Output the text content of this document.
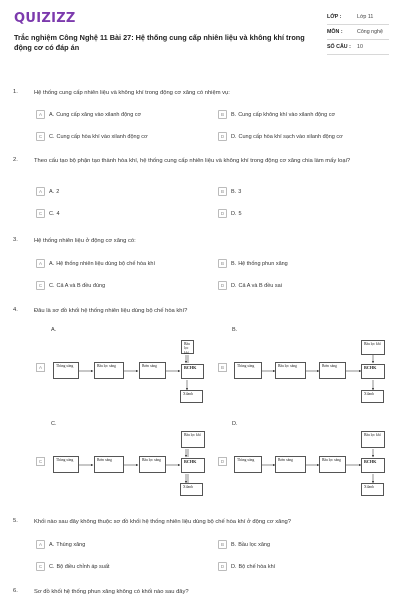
QUIZIZZ
Trắc nghiệm Công Nghệ 11 Bài 27: Hệ thống cung cấp nhiên liệu và không khí trong động cơ có đáp án
LỚP :	Lớp 11
MÔN :	Công nghệ
SỐ CÂU :	10
1.	Hệ thống cung cấp nhiên liệu và không khí trong động cơ xăng có nhiệm vụ:
A	A. Cung cấp xăng vào xilanh động cơ	B	B. Cung cấp không khí vào xilanh động cơ
C	C. Cung cấp hòa khí vào xilanh động cơ	D	D. Cung cấp hòa khí sạch vào xilanh động cơ
2.	Theo cấu tạo bộ phận tạo thành hòa khí, hệ thống cung cấp nhiên liệu và không khí trong động cơ xăng chia làm mấy loại?
A	A. 2	B	B. 3
C	C. 4	D	D. 5
3.	Hệ thống nhiên liệu ở động cơ xăng có:
A	A. Hệ thống nhiên liệu dùng bộ chế hòa khí	B	B. Hệ thống phun xăng
C	C. Cả A và B đều đúng	D	D. Cả A và B đều sai
4.	Đâu là sơ đồ khối hệ thống nhiên liệu dùng bộ chế hòa khí?
A.	B.
C.	D.
A	B
C	D
Bầu lọc khí
Thùng xăng	Bầu lọc xăng	Bơm xăng	BCHK
Xilanh
Bầu lọc khí
Thùng xăng	Bầu lọc xăng	Bơm xăng	BCHK
Xilanh
Bầu lọc khí
Thùng xăng	Bơm xăng	Bầu lọc xăng	BCHK
Xilanh
Bầu lọc khí
Thùng xăng	Bơm xăng	Bầu lọc xăng	BCHK
Xilanh
5.	Khối nào sau đây không thuộc sơ đồ khối hệ thống nhiên liệu dùng bộ chế hòa khí ở động cơ xăng?
A	A. Thùng xăng	B	B. Bầu lọc xăng
C	C. Bộ điều chỉnh áp suất	D	D. Bộ chế hòa khí
6.	Sơ đồ khối hệ thống phun xăng không có khối nào sau đây?
